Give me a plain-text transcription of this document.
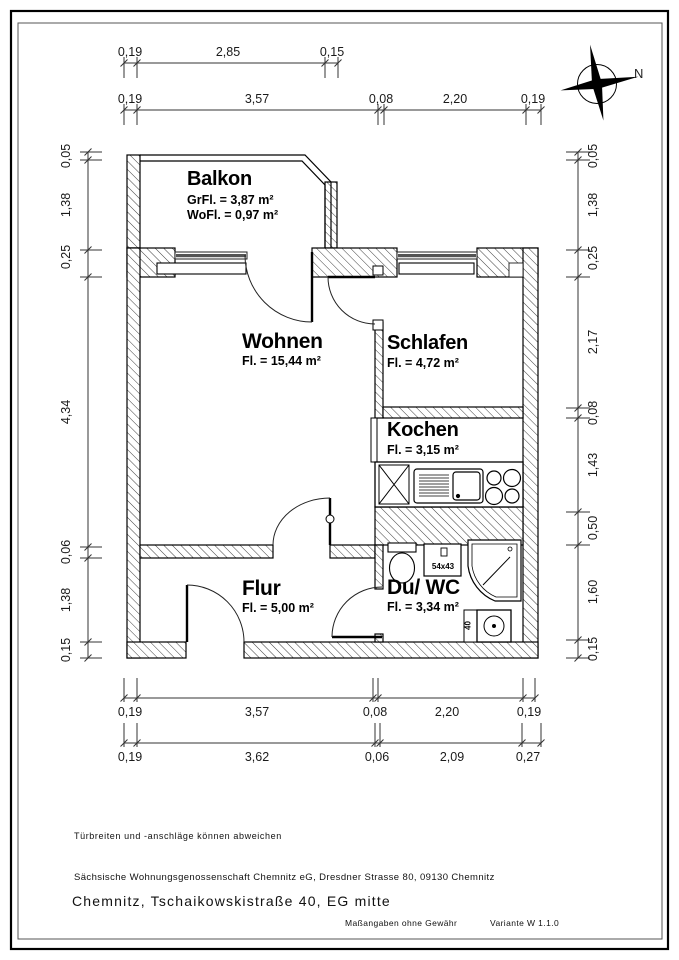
N
0,19	2,85	0,15
0,19	3,57	0,08	2,20	0,19
0,19	3,57	0,08	2,20	0,19
0,19	3,62	0,06	2,09	0,27
0,05
1,38
0,25
4,34
0,06
1,38
0,15
0,05
1,38
0,25
2,17
0,08
1,43
0,50
1,60
0,15
Balkon
GrFl. = 3,87 m²
WoFl. = 0,97 m²
Wohnen
Fl. = 15,44 m²
Schlafen
Fl. = 4,72 m²
Kochen
Fl. = 3,15 m²
Flur
Fl. = 5,00 m²
Du/ WC
Fl. = 3,34 m²
54x43
40
Türbreiten und -anschläge können abweichen
Sächsische Wohnungsgenossenschaft Chemnitz eG, Dresdner Strasse 80, 09130 Chemnitz
Chemnitz, Tschaikowskistraße 40, EG mitte
Maßangaben ohne Gewähr	Variante W 1.1.0
